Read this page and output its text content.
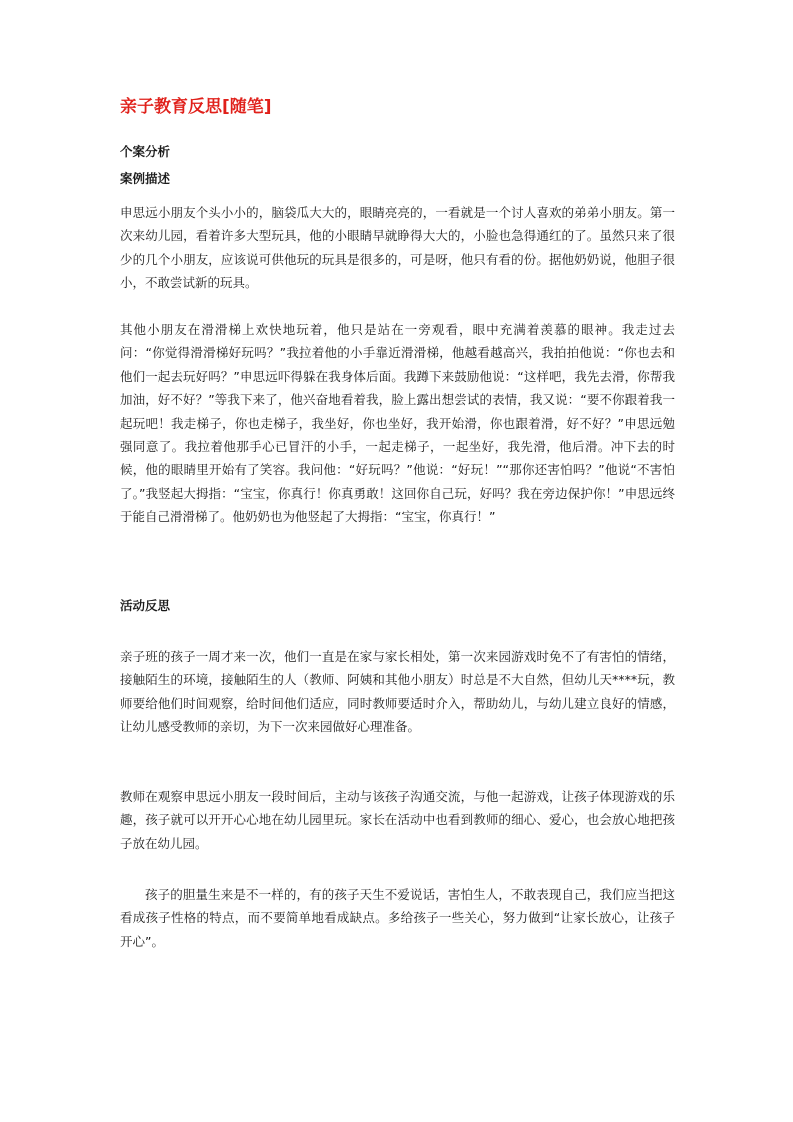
亲子教育反思[随笔]
个案分析
案例描述
申思远小朋友个头小小的，脑袋瓜大大的，眼睛亮亮的，一看就是一个讨人喜欢的弟弟小朋友。第一次来幼儿园，看着许多大型玩具，他的小眼睛早就睁得大大的，小脸也急得通红的了。虽然只来了很少的几个小朋友，应该说可供他玩的玩具是很多的，可是呀，他只有看的份。据他奶奶说，他胆子很小，不敢尝试新的玩具。
其他小朋友在滑滑梯上欢快地玩着，他只是站在一旁观看，眼中充满着羡慕的眼神。我走过去问：“你觉得滑滑梯好玩吗？”我拉着他的小手靠近滑滑梯，他越看越高兴，我拍拍他说：“你也去和他们一起去玩好吗？”申思远吓得躲在我身体后面。我蹲下来鼓励他说：“这样吧，我先去滑，你帮我加油，好不好？”等我下来了，他兴奋地看着我，脸上露出想尝试的表情，我又说：“要不你跟着我一起玩吧！我走梯子，你也走梯子，我坐好，你也坐好，我开始滑，你也跟着滑，好不好？”申思远勉强同意了。我拉着他那手心已冒汗的小手，一起走梯子，一起坐好，我先滑，他后滑。冲下去的时候，他的眼睛里开始有了笑容。我问他：“好玩吗？”他说：“好玩！”“那你还害怕吗？”他说“不害怕了。”我竖起大拇指：“宝宝，你真行！你真勇敢！这回你自己玩，好吗？我在旁边保护你！”申思远终于能自己滑滑梯了。他奶奶也为他竖起了大拇指：“宝宝，你真行！”
活动反思
亲子班的孩子一周才来一次，他们一直是在家与家长相处，第一次来园游戏时免不了有害怕的情绪，接触陌生的环境，接触陌生的人（教师、阿姨和其他小朋友）时总是不大自然，但幼儿天****玩，教师要给他们时间观察，给时间他们适应，同时教师要适时介入，帮助幼儿，与幼儿建立良好的情感，让幼儿感受教师的亲切，为下一次来园做好心理准备。
教师在观察申思远小朋友一段时间后，主动与该孩子沟通交流，与他一起游戏，让孩子体现游戏的乐趣，孩子就可以开开心心地在幼儿园里玩。家长在活动中也看到教师的细心、爱心，也会放心地把孩子放在幼儿园。
孩子的胆量生来是不一样的，有的孩子天生不爱说话，害怕生人，不敢表现自己，我们应当把这看成孩子性格的特点，而不要简单地看成缺点。多给孩子一些关心，努力做到“让家长放心，让孩子开心”。
